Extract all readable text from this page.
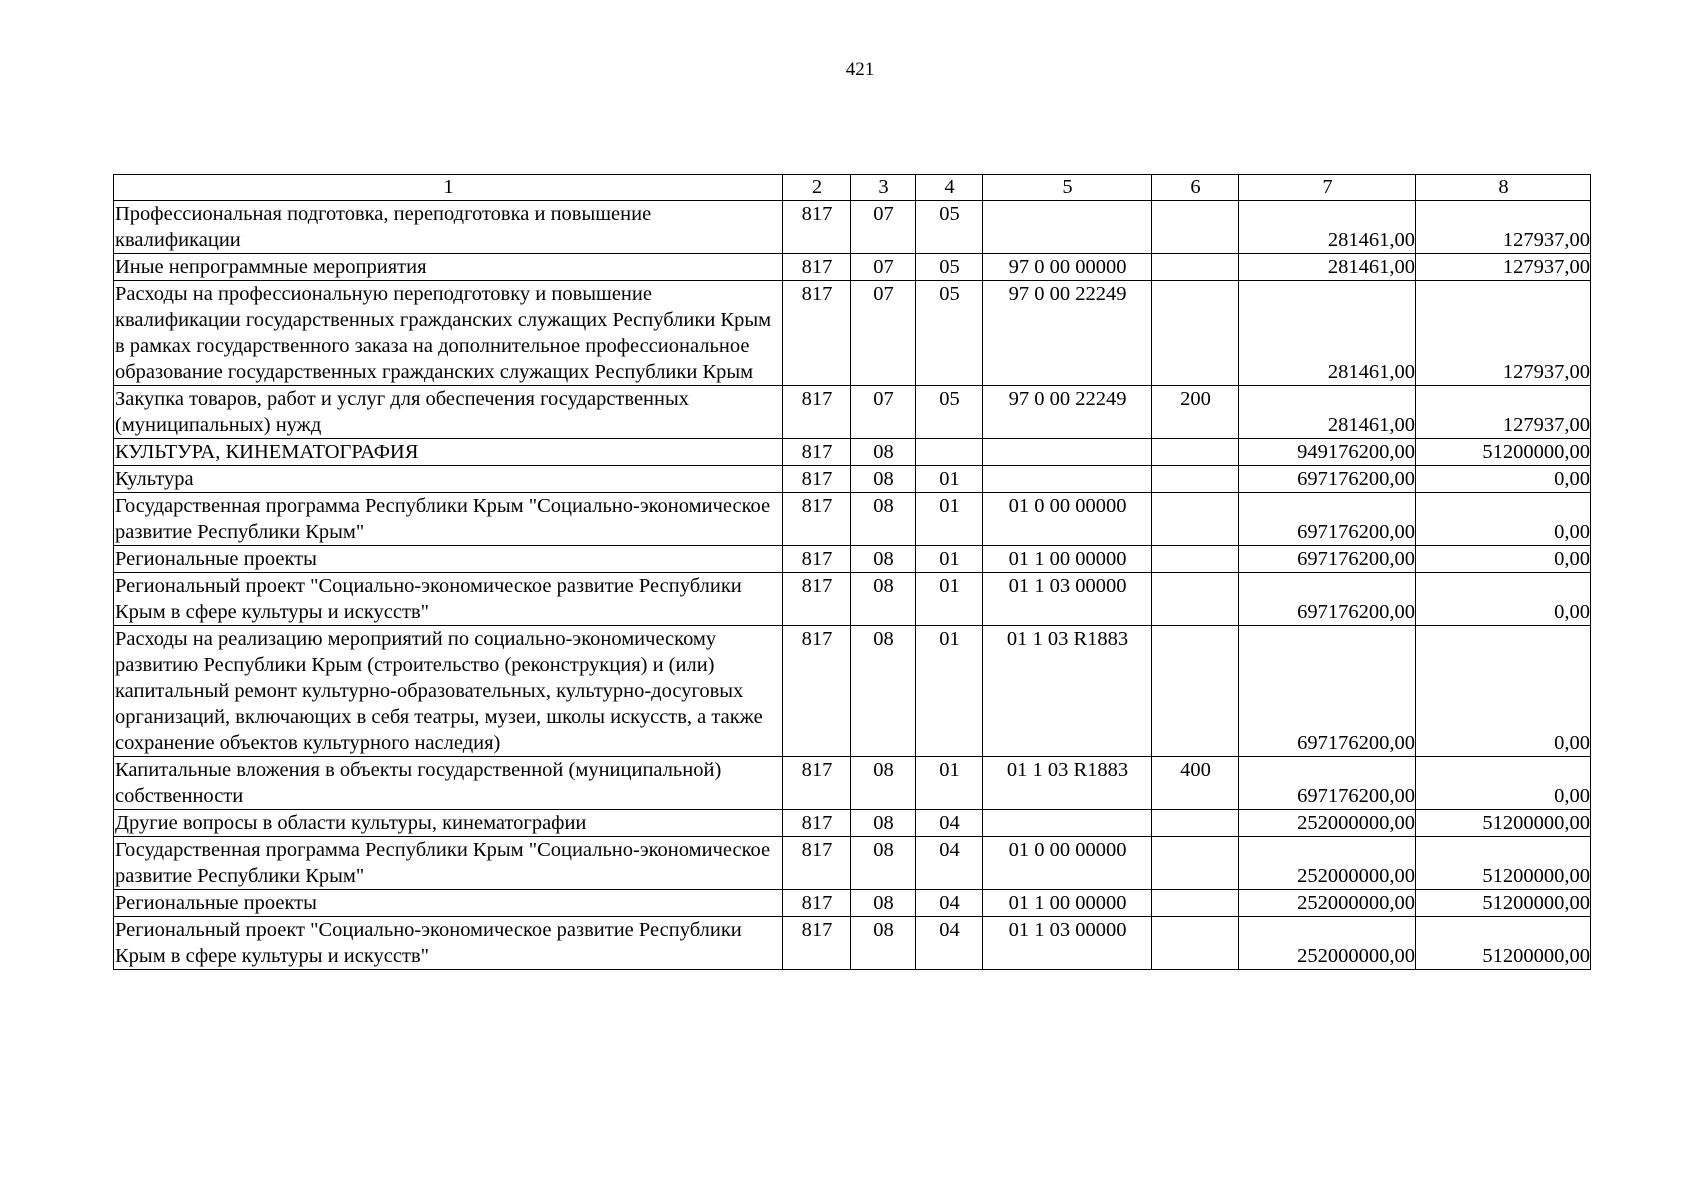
421
1	2	3	4	5	6	7	8
Профессиональная подготовка, переподготовка и повышение квалификации	817	07	05			281461,00	127937,00
Иные непрограммные мероприятия	817	07	05	97 0 00 00000		281461,00	127937,00
Расходы на профессиональную переподготовку и повышение квалификации государственных гражданских служащих Республики Крым в рамках государственного заказа на дополнительное профессиональное образование государственных гражданских служащих Республики Крым	817	07	05	97 0 00 22249		281461,00	127937,00
Закупка товаров, работ и услуг для обеспечения государственных (муниципальных) нужд	817	07	05	97 0 00 22249	200	281461,00	127937,00
КУЛЬТУРА, КИНЕМАТОГРАФИЯ	817	08				949176200,00	51200000,00
Культура	817	08	01			697176200,00	0,00
Государственная программа Республики Крым "Социально-экономическое развитие Республики Крым"	817	08	01	01 0 00 00000		697176200,00	0,00
Региональные проекты	817	08	01	01 1 00 00000		697176200,00	0,00
Региональный проект "Социально-экономическое развитие Республики Крым в сфере культуры и искусств"	817	08	01	01 1 03 00000		697176200,00	0,00
Расходы на реализацию мероприятий по социально-экономическому развитию Республики Крым (строительство (реконструкция) и (или) капитальный ремонт культурно-образовательных, культурно-досуговых организаций, включающих в себя театры, музеи, школы искусств, а также сохранение объектов культурного наследия)	817	08	01	01 1 03 R1883		697176200,00	0,00
Капитальные вложения в объекты государственной (муниципальной) собственности	817	08	01	01 1 03 R1883	400	697176200,00	0,00
Другие вопросы в области культуры, кинематографии	817	08	04			252000000,00	51200000,00
Государственная программа Республики Крым "Социально-экономическое развитие Республики Крым"	817	08	04	01 0 00 00000		252000000,00	51200000,00
Региональные проекты	817	08	04	01 1 00 00000		252000000,00	51200000,00
Региональный проект "Социально-экономическое развитие Республики Крым в сфере культуры и искусств"	817	08	04	01 1 03 00000		252000000,00	51200000,00
